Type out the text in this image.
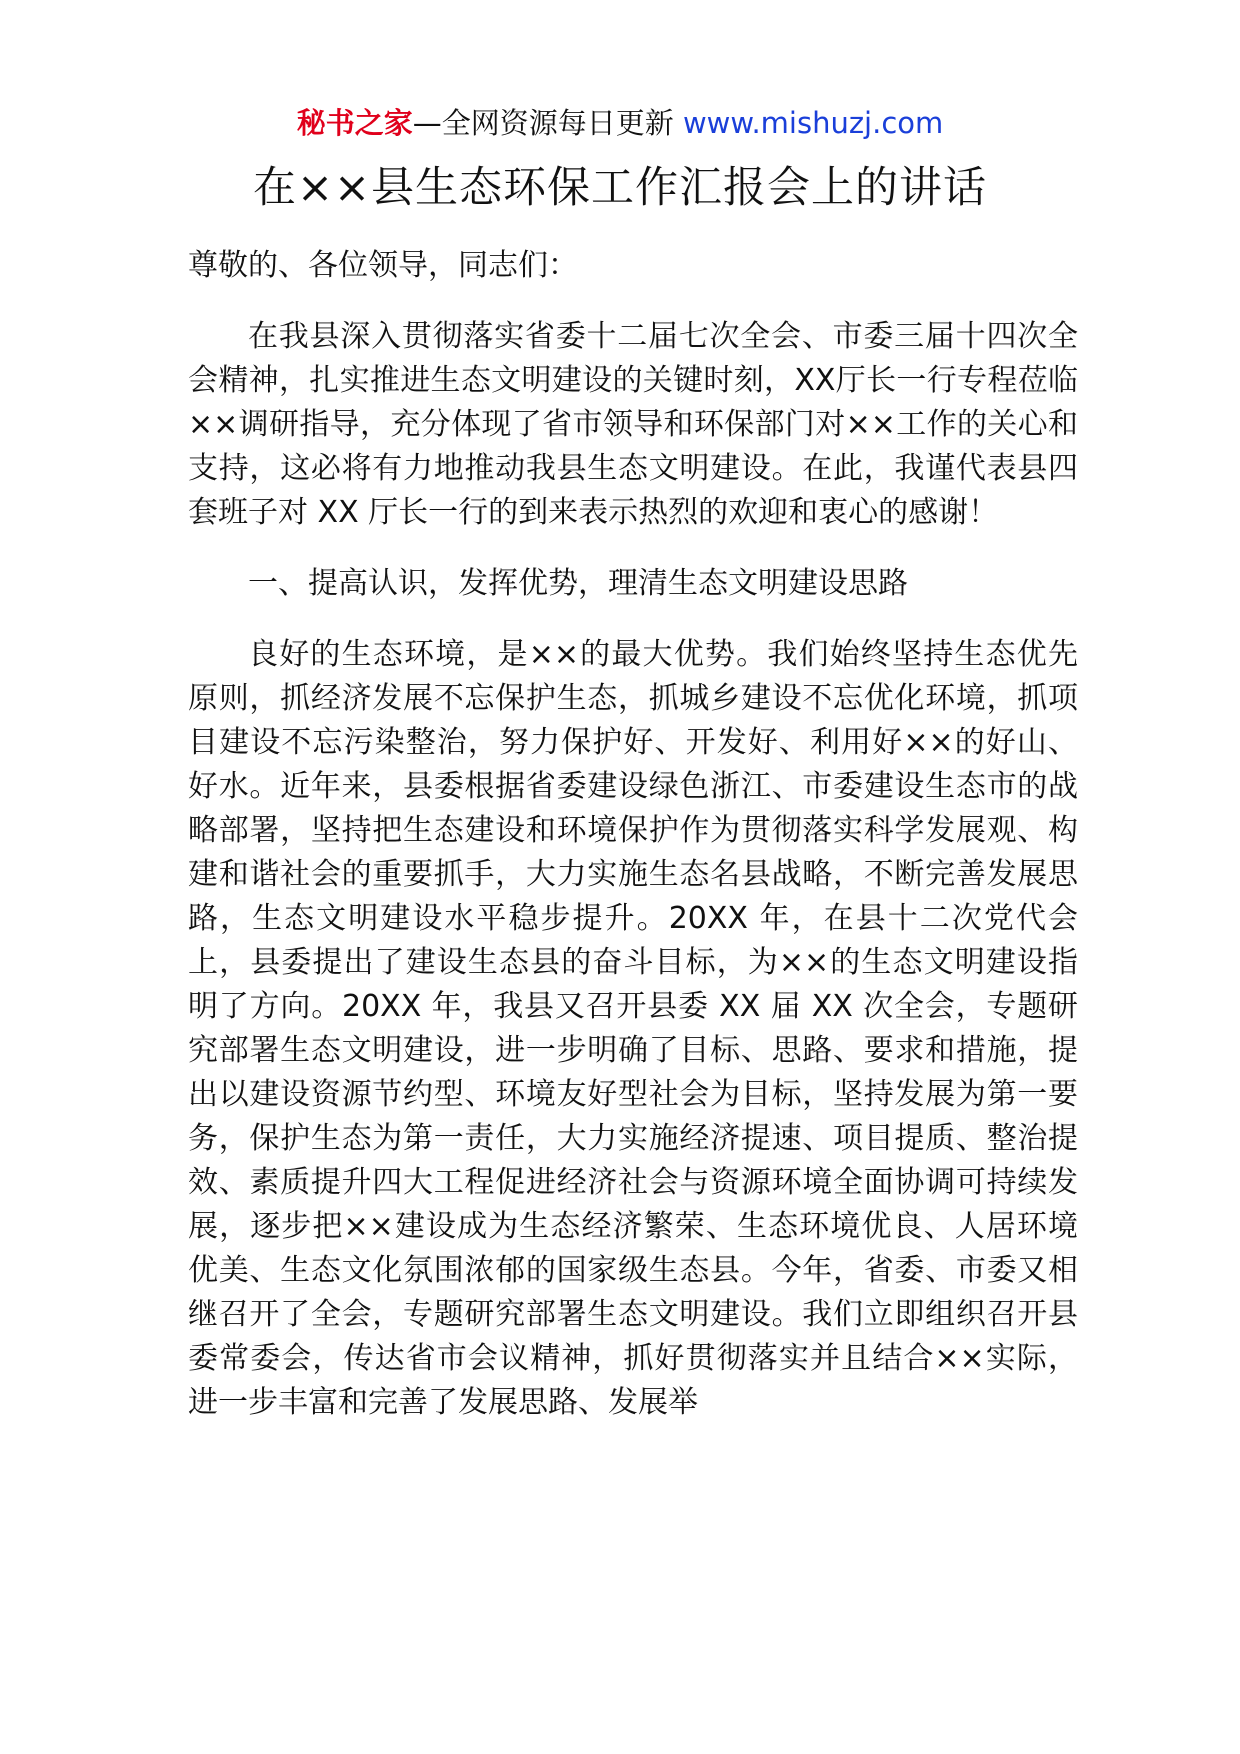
秘书之家—全网资源每日更新 www.mishuzj.com
在××县生态环保工作汇报会上的讲话

尊敬的、各位领导，同志们：

在我县深入贯彻落实省委十二届七次全会、市委三届十四次全会精神，扎实推进生态文明建设的关键时刻，XX厅长一行专程莅临××调研指导，充分体现了省市领导和环保部门对××工作的关心和支持，这必将有力地推动我县生态文明建设。在此，我谨代表县四套班子对 XX 厅长一行的到来表示热烈的欢迎和衷心的感谢！

一、提高认识，发挥优势，理清生态文明建设思路

良好的生态环境，是××的最大优势。我们始终坚持生态优先原则，抓经济发展不忘保护生态，抓城乡建设不忘优化环境，抓项目建设不忘污染整治，努力保护好、开发好、利用好××的好山、好水。近年来，县委根据省委建设绿色浙江、市委建设生态市的战略部署，坚持把生态建设和环境保护作为贯彻落实科学发展观、构建和谐社会的重要抓手，大力实施生态名县战略，不断完善发展思路，生态文明建设水平稳步提升。20XX 年，在县十二次党代会上，县委提出了建设生态县的奋斗目标，为××的生态文明建设指明了方向。20XX 年，我县又召开县委 XX 届 XX 次全会，专题研究部署生态文明建设，进一步明确了目标、思路、要求和措施，提出以建设资源节约型、环境友好型社会为目标，坚持发展为第一要务，保护生态为第一责任，大力实施经济提速、项目提质、整治提效、素质提升四大工程促进经济社会与资源环境全面协调可持续发展，逐步把××建设成为生态经济繁荣、生态环境优良、人居环境优美、生态文化氛围浓郁的国家级生态县。今年，省委、市委又相继召开了全会，专题研究部署生态文明建设。我们立即组织召开县委常委会，传达省市会议精神，抓好贯彻落实并且结合××实际，进一步丰富和完善了发展思路、发展举
